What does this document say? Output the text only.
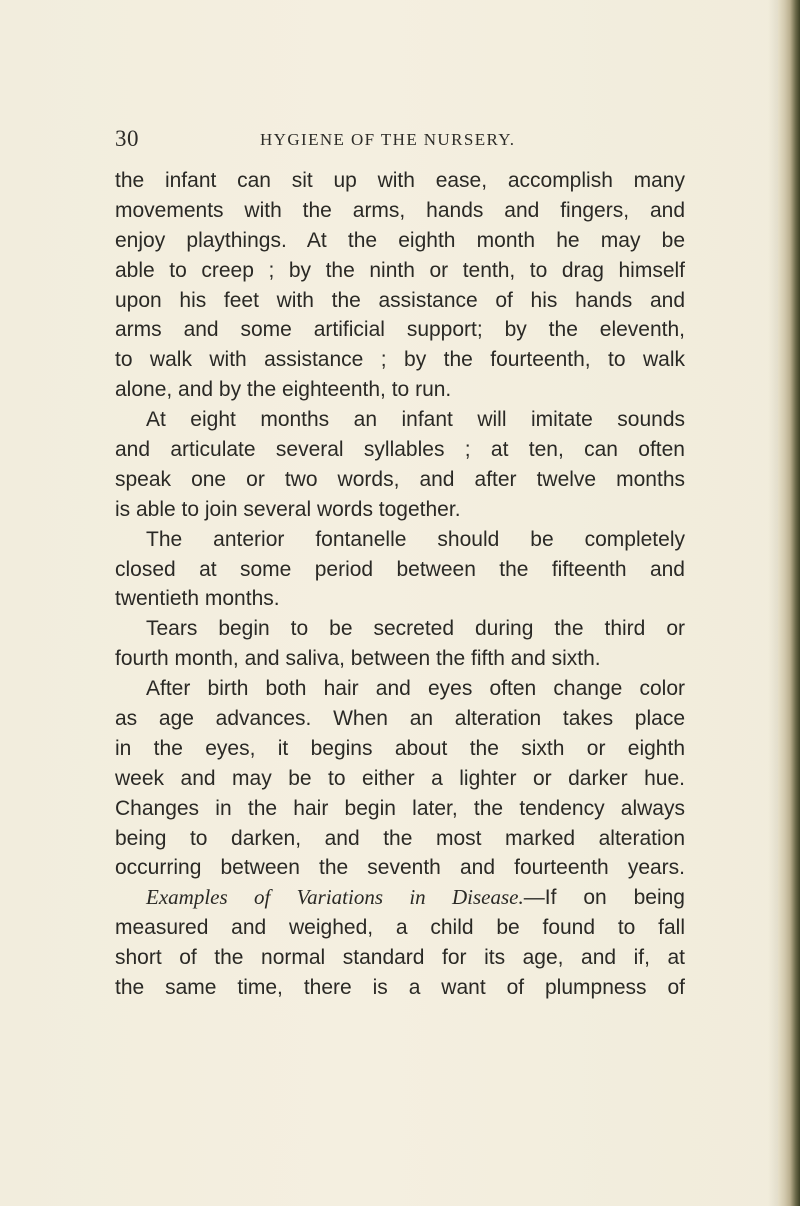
30	HYGIENE OF THE NURSERY.
the infant can sit up with ease, accomplish many
movements with the arms, hands and fingers, and
enjoy playthings. At the eighth month he may be
able to creep ; by the ninth or tenth, to drag himself
upon his feet with the assistance of his hands and
arms and some artificial support; by the eleventh,
to walk with assistance ; by the fourteenth, to walk
alone, and by the eighteenth, to run.
At eight months an infant will imitate sounds
and articulate several syllables ; at ten, can often
speak one or two words, and after twelve months
is able to join several words together.
The anterior fontanelle should be completely
closed at some period between the fifteenth and
twentieth months.
Tears begin to be secreted during the third or
fourth month, and saliva, between the fifth and sixth.
After birth both hair and eyes often change color
as age advances. When an alteration takes place
in the eyes, it begins about the sixth or eighth
week and may be to either a lighter or darker hue.
Changes in the hair begin later, the tendency always
being to darken, and the most marked alteration
occurring between the seventh and fourteenth years.
Examples of Variations in Disease.—If on being
measured and weighed, a child be found to fall
short of the normal standard for its age, and if, at
the same time, there is a want of plumpness of
